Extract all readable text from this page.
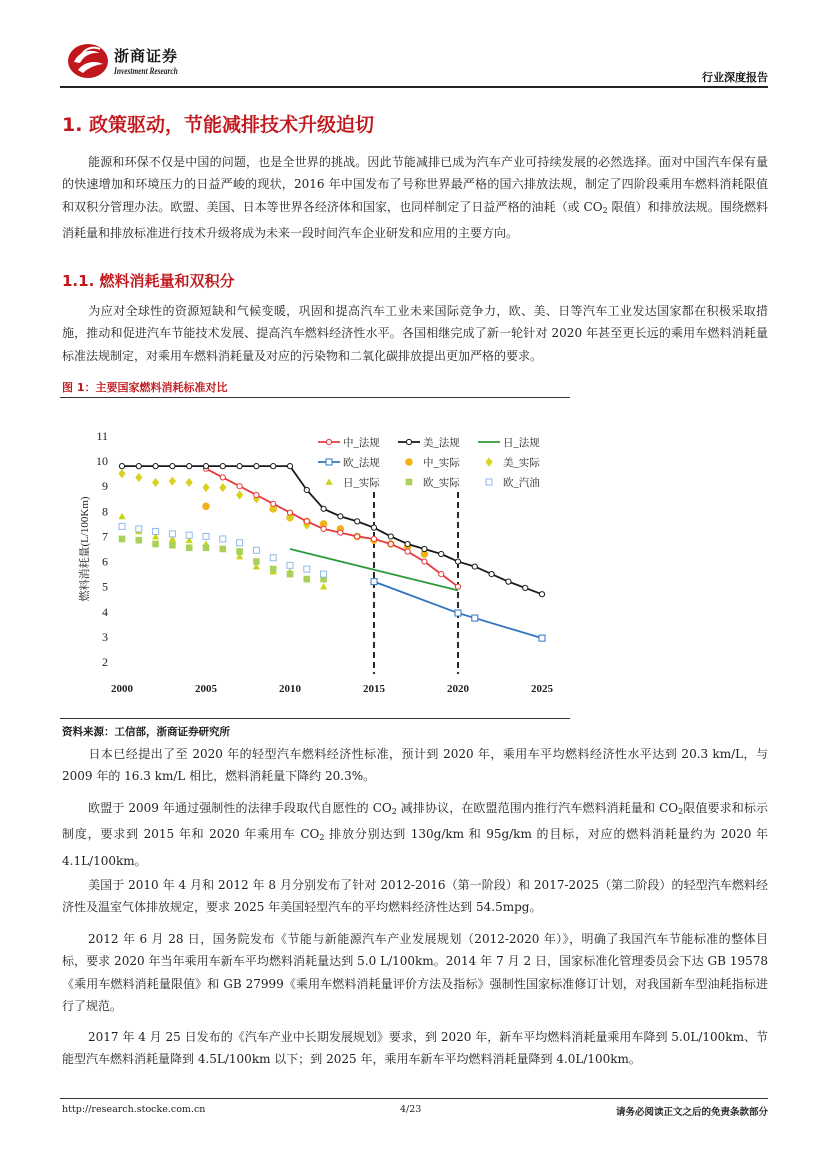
浙商证券
Investment Research	行业深度报告
1. 政策驱动，节能减排技术升级迫切
能源和环保不仅是中国的问题，也是全世界的挑战。因此节能减排已成为汽车产业可持续发展的必然选择。面对中国汽车保有量的快速增加和环境压力的日益严峻的现状，2016 年中国发布了号称世界最严格的国六排放法规，制定了四阶段乘用车燃料消耗限值和双积分管理办法。欧盟、美国、日本等世界各经济体和国家，也同样制定了日益严格的油耗（或 $CO_2$ 限值）和排放法规。围绕燃料消耗量和排放标准进行技术升级将成为未来一段时间汽车企业研发和应用的主要方向。
1.1. 燃料消耗量和双积分
为应对全球性的资源短缺和气候变暖，巩固和提高汽车工业未来国际竞争力，欧、美、日等汽车工业发达国家都在积极采取措施，推动和促进汽车节能技术发展、提高汽车燃料经济性水平。各国相继完成了新一轮针对 2020 年甚至更长远的乘用车燃料消耗量标准法规制定，对乘用车燃料消耗量及对应的污染物和二氧化碳排放提出更加严格的要求。
图 1：主要国家燃料消耗标准对比
2
3
4
5
6
7
8
9
10
11
2000	2005	2010	2015	2020	2025
燃料消耗量(L/100Km)
中_法规	美_法规	日_法规
欧_法规	中_实际	美_实际
日_实际	欧_实际	欧_汽油
资料来源：工信部，浙商证券研究所
日本已经提出了至 2020 年的轻型汽车燃料经济性标准，预计到 2020 年，乘用车平均燃料经济性水平达到 20.3 km/L，与 2009 年的 16.3 km/L 相比，燃料消耗量下降约 20.3%。
欧盟于 2009 年通过强制性的法律手段取代自愿性的 $CO_2$ 减排协议，在欧盟范围内推行汽车燃料消耗量和 $CO_2$限值要求和标示制度，要求到 2015 年和 2020 年乘用车 $CO_2$ 排放分别达到 130g/km 和 95g/km 的目标，对应的燃料消耗量约为 2020 年 4.1L/100km。
美国于 2010 年 4 月和 2012 年 8 月分别发布了针对 2012-2016（第一阶段）和 2017-2025（第二阶段）的轻型汽车燃料经济性及温室气体排放规定，要求 2025 年美国轻型汽车的平均燃料经济性达到 54.5mpg。
2012 年 6 月 28 日，国务院发布《节能与新能源汽车产业发展规划（2012-2020 年）》，明确了我国汽车节能标准的整体目标，要求 2020 年当年乘用车新车平均燃料消耗量达到 5.0 L/100km。2014 年 7 月 2 日，国家标准化管理委员会下达 GB 19578《乘用车燃料消耗量限值》和 GB 27999《乘用车燃料消耗量评价方法及指标》强制性国家标准修订计划，对我国新车型油耗指标进行了规范。
2017 年 4 月 25 日发布的《汽车产业中长期发展规划》要求，到 2020 年，新车平均燃料消耗量乘用车降到 5.0L/100km、节能型汽车燃料消耗量降到 4.5L/100km 以下；到 2025 年，乘用车新车平均燃料消耗量降到 4.0L/100km。
http://research.stocke.com.cn	4/23	请务必阅读正文之后的免责条款部分
